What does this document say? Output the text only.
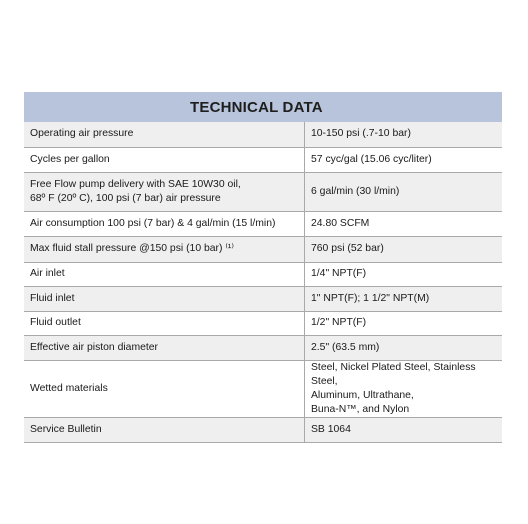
TECHNICAL DATA
Operating air pressure	10-150 psi (.7-10 bar)
Cycles per gallon	57 cyc/gal (15.06 cyc/liter)
Free Flow pump delivery with SAE 10W30 oil,
68º F (20º C), 100 psi (7 bar) air pressure	6 gal/min (30 l/min)
Air consumption 100 psi (7 bar) & 4 gal/min (15 l/min)	24.80 SCFM
Max fluid stall pressure @150 psi (10 bar) ⁽¹⁾	760 psi (52 bar)
Air inlet	1/4" NPT(F)
Fluid inlet	1" NPT(F); 1 1/2" NPT(M)
Fluid outlet	1/2" NPT(F)
Effective air piston diameter	2.5" (63.5 mm)
Wetted materials	Steel, Nickel Plated Steel, Stainless Steel,
Aluminum, Ultrathane,
Buna-N™, and Nylon
Service Bulletin	SB 1064
